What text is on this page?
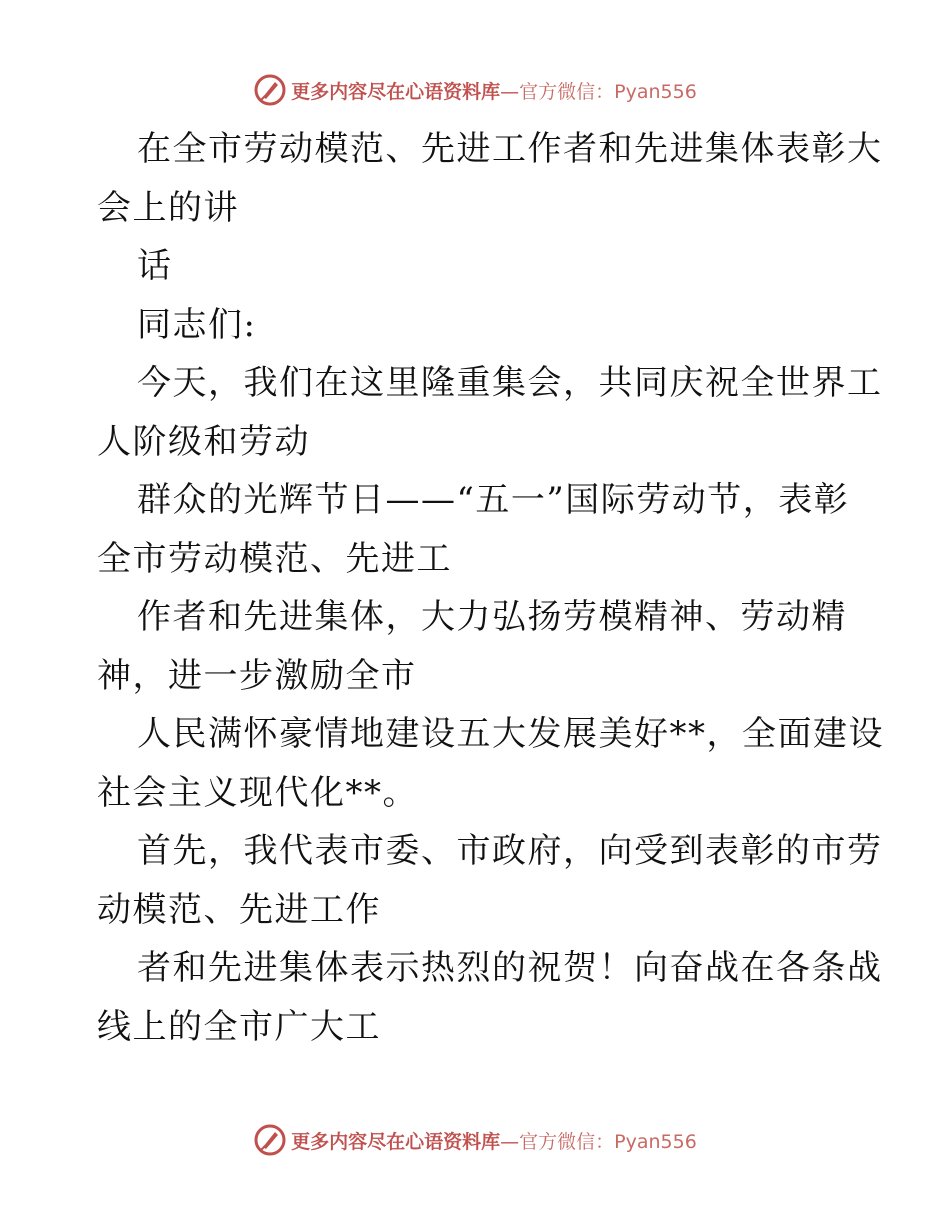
更多内容尽在心语资料库—官方微信：Pyan556

在全市劳动模范、先进工作者和先进集体表彰大

会上的讲

话

同志们:

今天，我们在这里隆重集会，共同庆祝全世界工

人阶级和劳动

群众的光辉节日——“五一”国际劳动节，表彰

全市劳动模范、先进工

作者和先进集体，大力弘扬劳模精神、劳动精

神，进一步激励全市

人民满怀豪情地建设五大发展美好**，全面建设

社会主义现代化**。

首先，我代表市委、市政府，向受到表彰的市劳

动模范、先进工作

者和先进集体表示热烈的祝贺！向奋战在各条战

线上的全市广大工

更多内容尽在心语资料库—官方微信：Pyan556
